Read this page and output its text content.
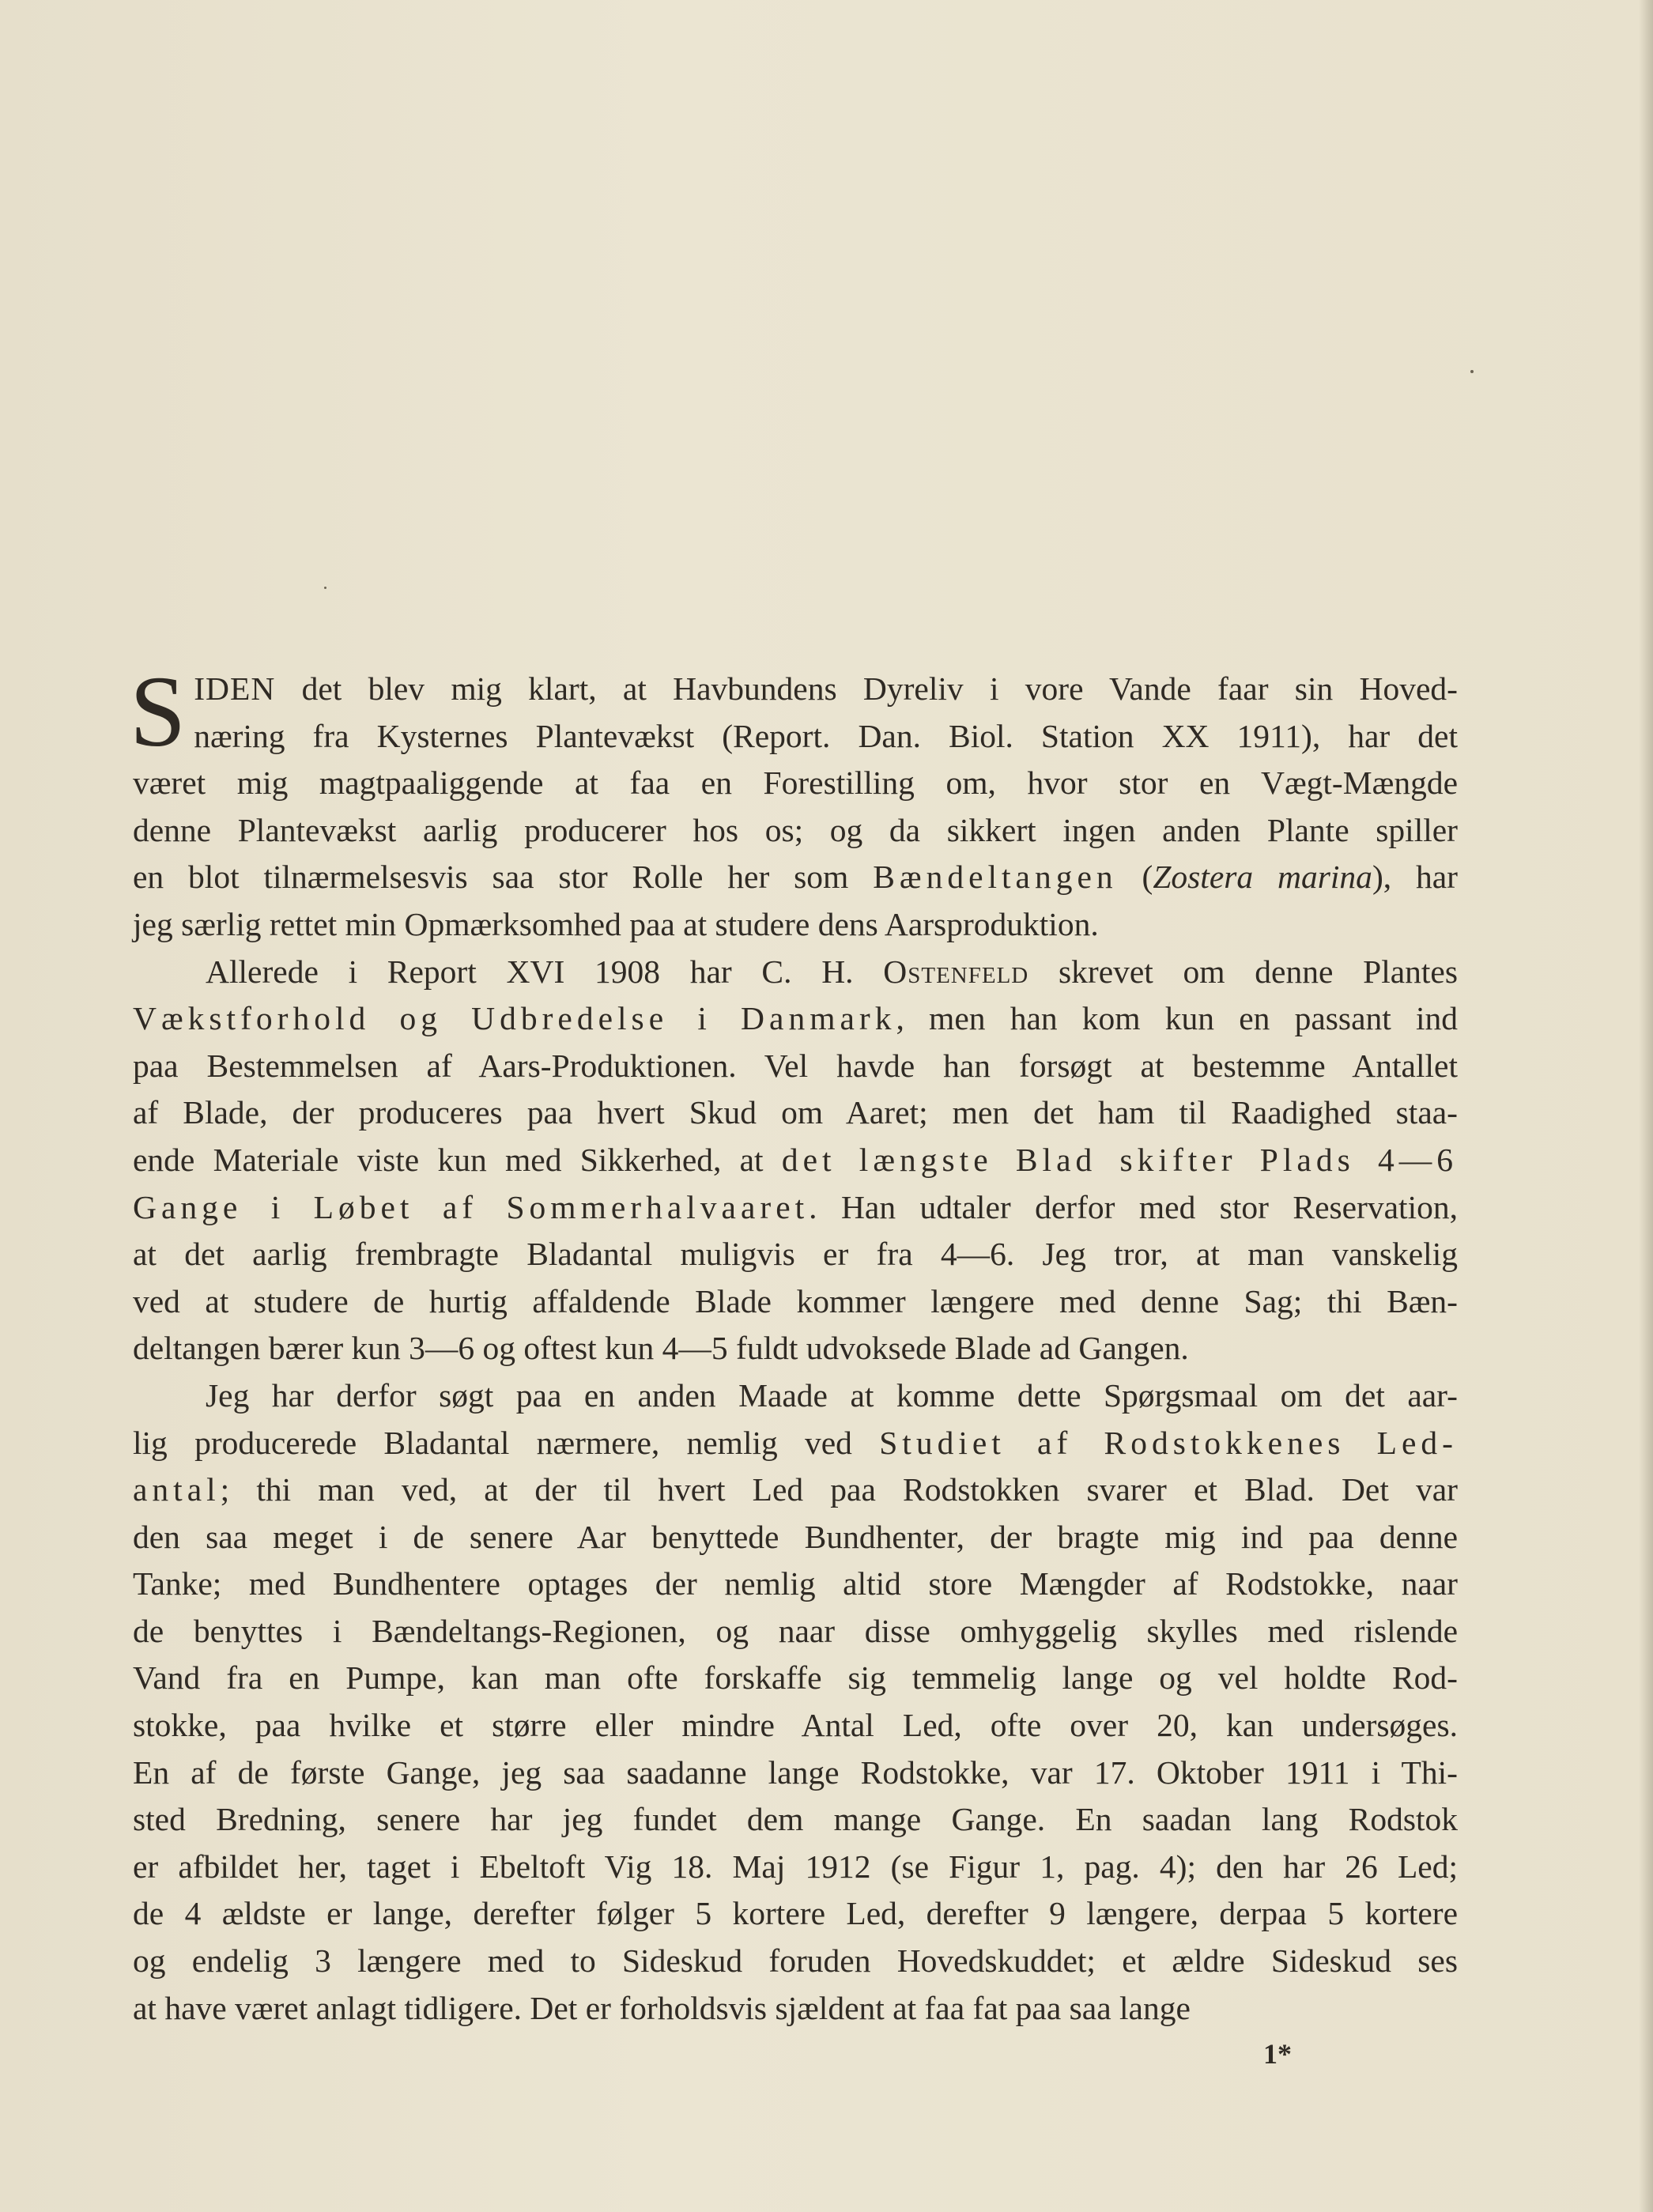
S IDEN det blev mig klart, at Havbundens Dyreliv i vore Vande faar sin Hoved-
næring fra Kysternes Plantevækst (Report. Dan. Biol. Station XX 1911), har det
været mig magtpaaliggende at faa en Forestilling om, hvor stor en Vægt-Mængde
denne Plantevækst aarlig producerer hos os; og da sikkert ingen anden Plante spiller
en blot tilnærmelsesvis saa stor Rolle her som Bændeltangen (Zostera marina), har
jeg særlig rettet min Opmærksomhed paa at studere dens Aarsproduktion.
Allerede i Report XVI 1908 har C. H. Ostenfeld skrevet om denne Plantes
Vækstforhold og Udbredelse i Danmark, men han kom kun en passant ind
paa Bestemmelsen af Aars-Produktionen. Vel havde han forsøgt at bestemme Antallet
af Blade, der produceres paa hvert Skud om Aaret; men det ham til Raadighed staa-
ende Materiale viste kun med Sikkerhed, at det længste Blad skifter Plads 4—6
Gange i Løbet af Sommerhalvaaret. Han udtaler derfor med stor Reservation,
at det aarlig frembragte Bladantal muligvis er fra 4—6. Jeg tror, at man vanskelig
ved at studere de hurtig affaldende Blade kommer længere med denne Sag; thi Bæn-
deltangen bærer kun 3—6 og oftest kun 4—5 fuldt udvoksede Blade ad Gangen.
Jeg har derfor søgt paa en anden Maade at komme dette Spørgsmaal om det aar-
lig producerede Bladantal nærmere, nemlig ved Studiet af Rodstokkenes Led-
antal; thi man ved, at der til hvert Led paa Rodstokken svarer et Blad. Det var
den saa meget i de senere Aar benyttede Bundhenter, der bragte mig ind paa denne
Tanke; med Bundhentere optages der nemlig altid store Mængder af Rodstokke, naar
de benyttes i Bændeltangs-Regionen, og naar disse omhyggelig skylles med rislende
Vand fra en Pumpe, kan man ofte forskaffe sig temmelig lange og vel holdte Rod-
stokke, paa hvilke et større eller mindre Antal Led, ofte over 20, kan undersøges.
En af de første Gange, jeg saa saadanne lange Rodstokke, var 17. Oktober 1911 i Thi-
sted Bredning, senere har jeg fundet dem mange Gange. En saadan lang Rodstok
er afbildet her, taget i Ebeltoft Vig 18. Maj 1912 (se Figur 1, pag. 4); den har 26 Led;
de 4 ældste er lange, derefter følger 5 kortere Led, derefter 9 længere, derpaa 5 kortere
og endelig 3 længere med to Sideskud foruden Hovedskuddet; et ældre Sideskud ses
at have været anlagt tidligere. Det er forholdsvis sjældent at faa fat paa saa lange
1*
